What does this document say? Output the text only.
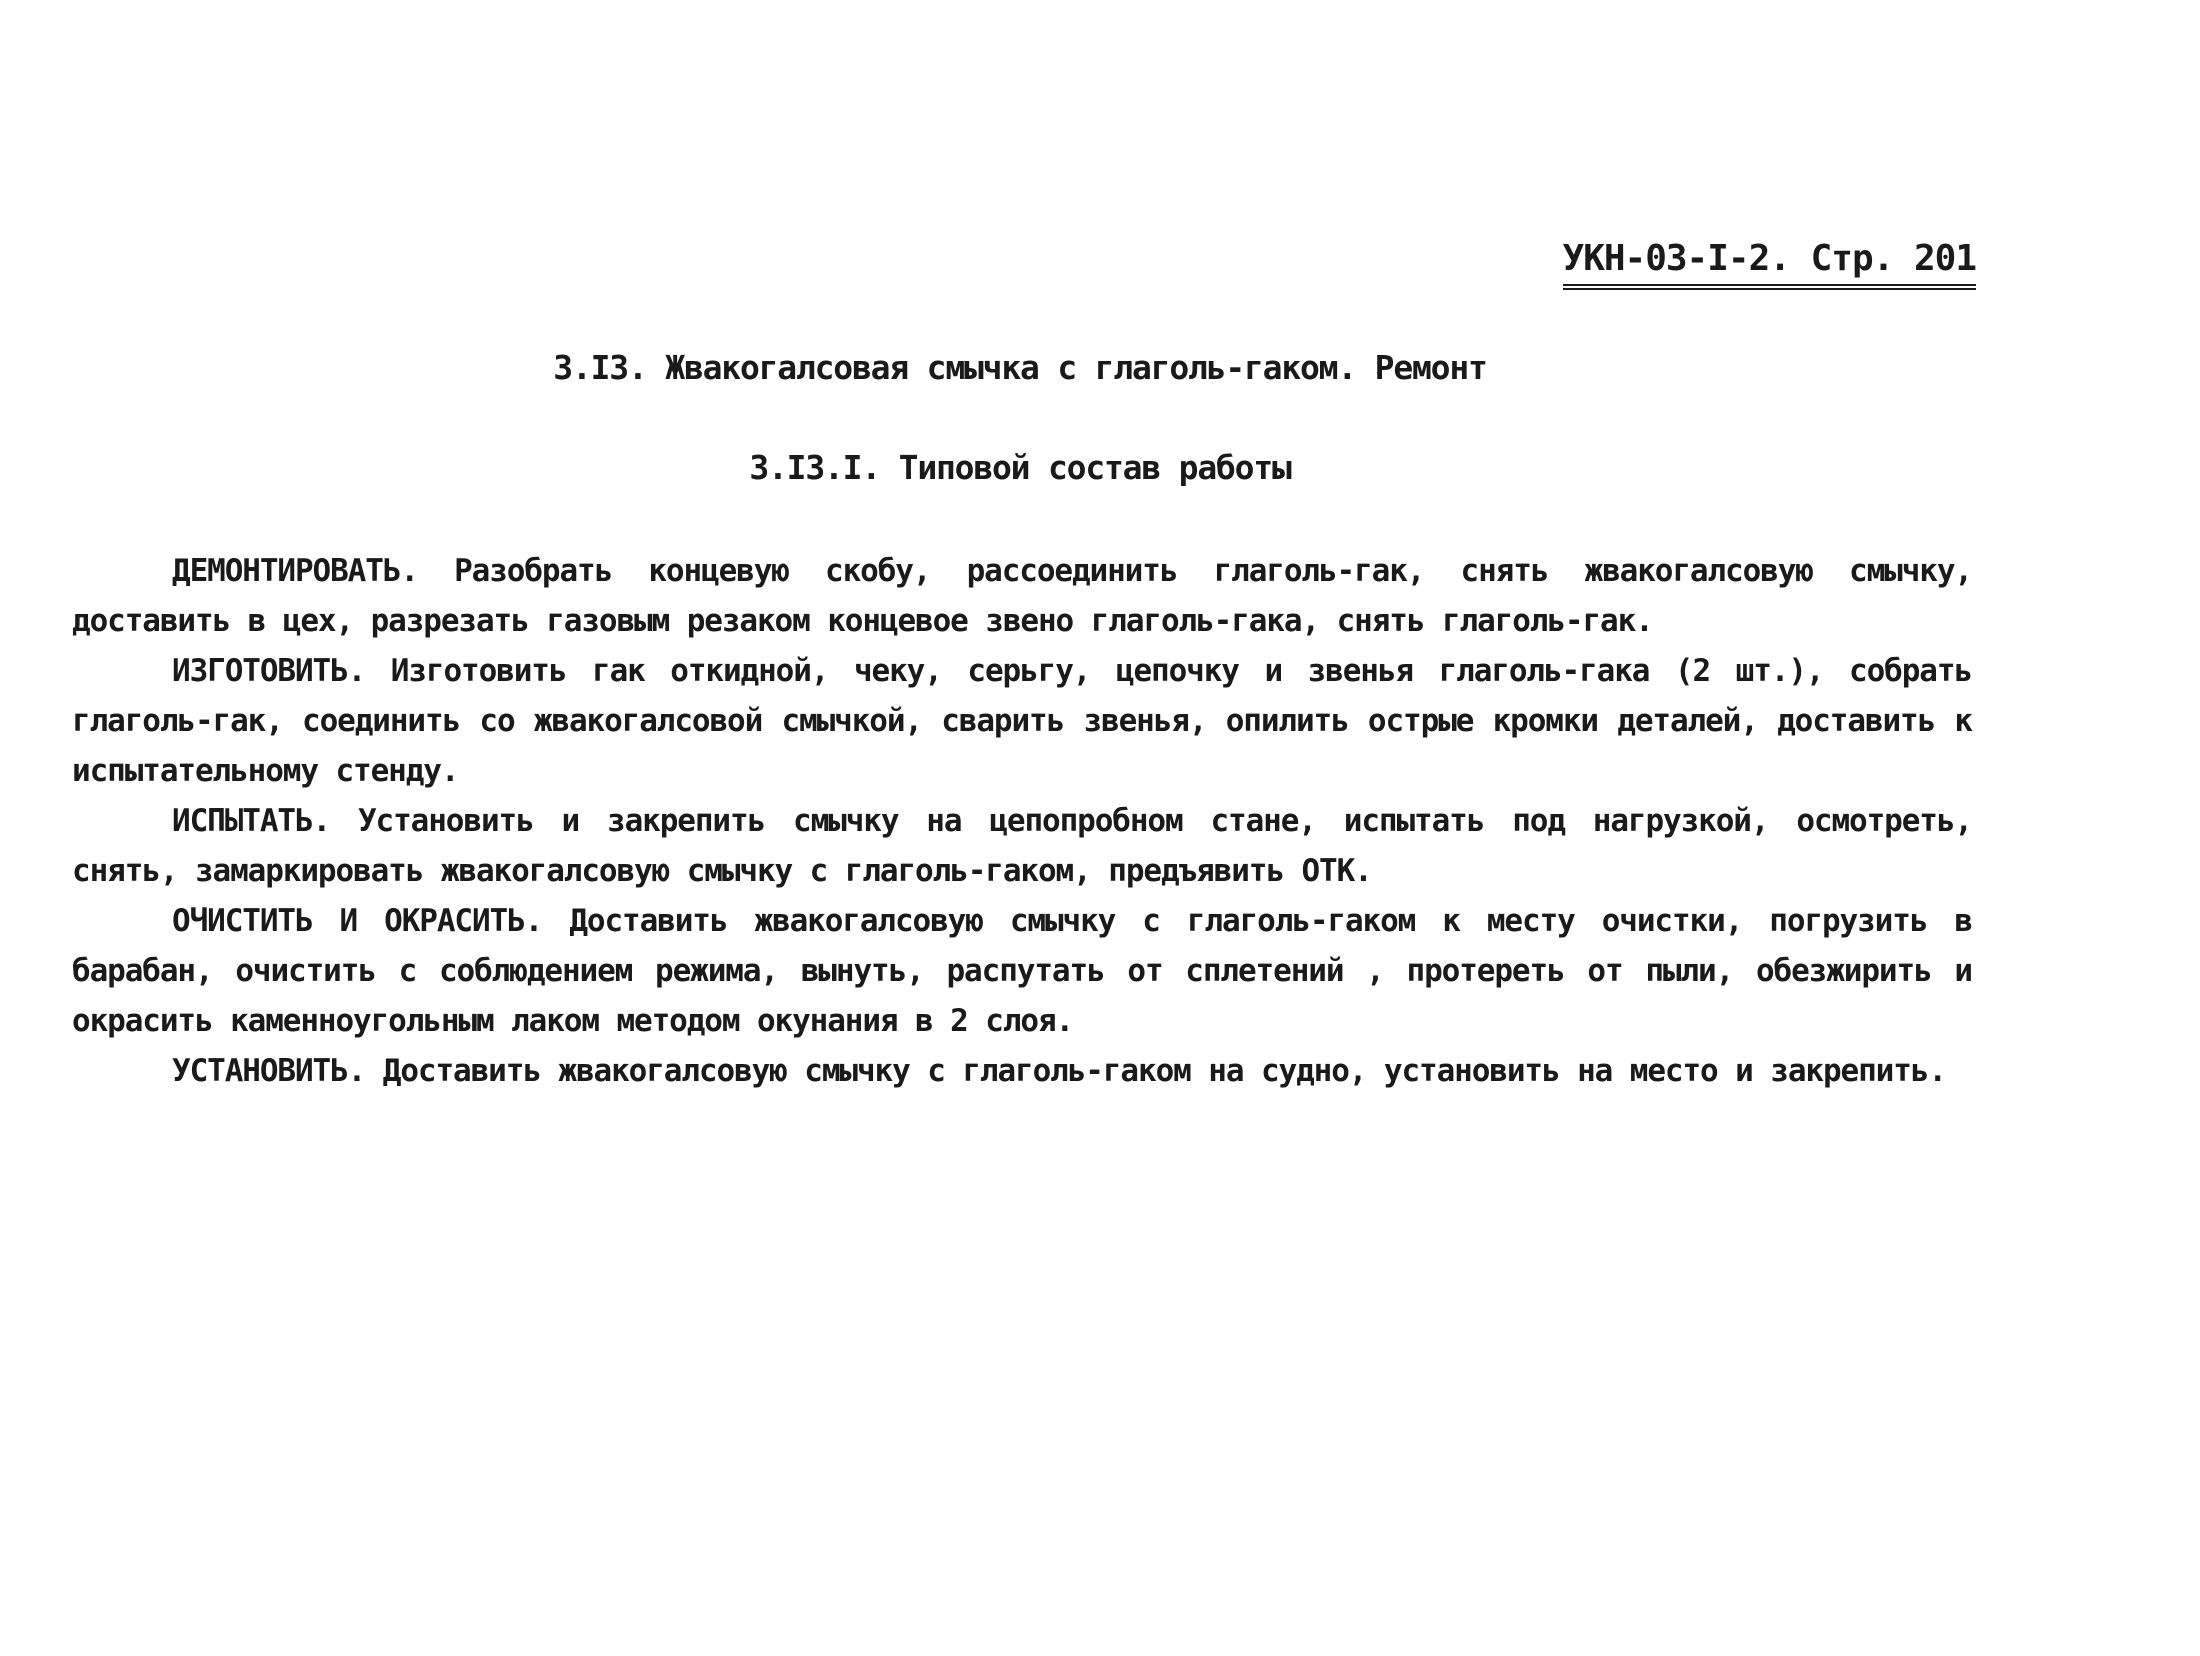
УКН-03-I-2. Стр. 201
3.I3. Жвакогалсовая смычка с глаголь-гаком. Ремонт
3.I3.I. Типовой состав работы

ДЕМОНТИРОВАТЬ. Разобрать концевую скобу, рассоединить глаголь-гак, снять жвакогалсовую смычку, доставить в цех, разрезать газовым резаком концевое звено глаголь-гака, снять глаголь-гак.

ИЗГОТОВИТЬ. Изготовить гак откидной, чеку, серьгу, цепочку и звенья глаголь-гака (2 шт.), собрать глаголь-гак, соединить со жвакогалсовой смычкой, сварить звенья, опилить острые кромки деталей, доставить к испытательному стенду.

ИСПЫТАТЬ. Установить и закрепить смычку на цепопробном стане, испытать под нагрузкой, осмотреть, снять, замаркировать жвакогалсовую смычку с глаголь-гаком, предъявить ОТК.

ОЧИСТИТЬ И ОКРАСИТЬ. Доставить жвакогалсовую смычку с глаголь-гаком к месту очистки, погрузить в барабан, очистить с соблюдением режима, вынуть, распутать от сплетений , протереть от пыли, обезжирить и окрасить каменноугольным лаком методом окунания в 2 слоя.

УСТАНОВИТЬ. Доставить жвакогалсовую смычку с глаголь-гаком на судно, установить на место и закрепить.
